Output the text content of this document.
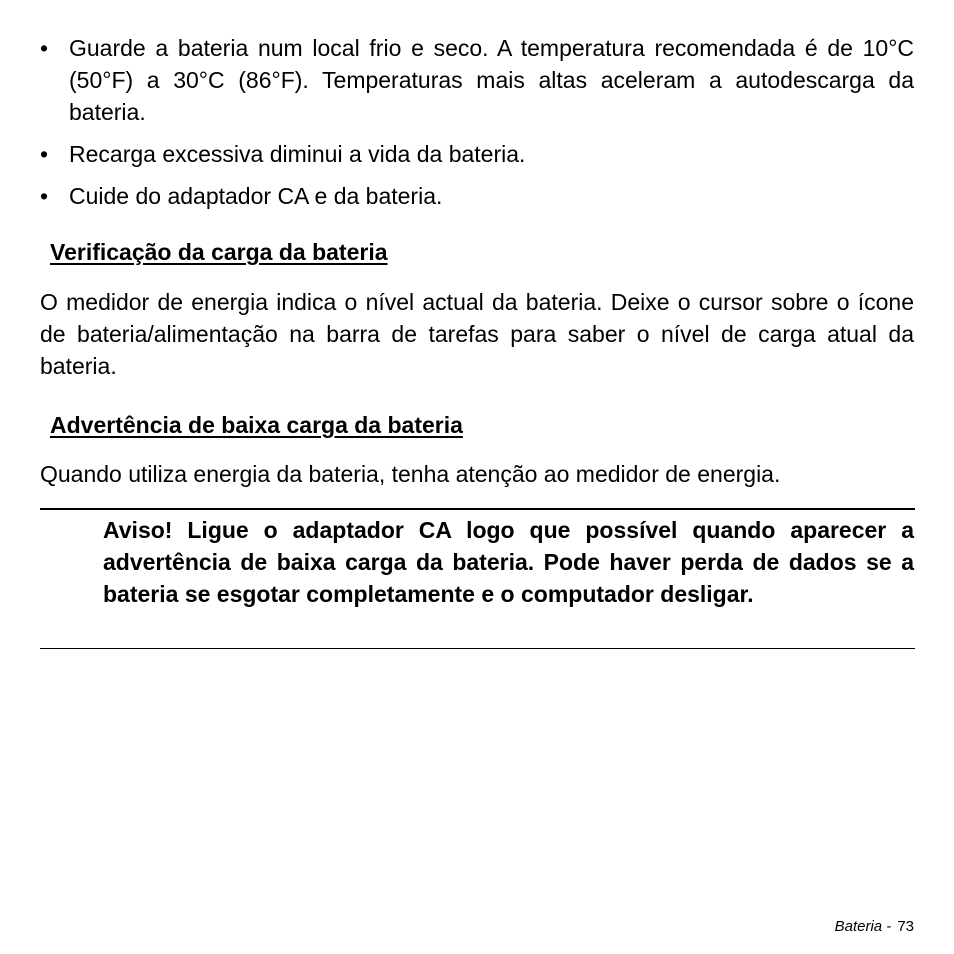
• Guarde a bateria num local frio e seco. A temperatura recomendada é de 10°C (50°F) a 30°C (86°F). Temperaturas mais altas aceleram a autodescarga da bateria.
• Recarga excessiva diminui a vida da bateria.
• Cuide do adaptador CA e da bateria.
Verificação da carga da bateria

O medidor de energia indica o nível actual da bateria. Deixe o cursor sobre o ícone de bateria/alimentação na barra de tarefas para saber o nível de carga atual da bateria.

Advertência de baixa carga da bateria

Quando utiliza energia da bateria, tenha atenção ao medidor de energia.

Aviso! Ligue o adaptador CA logo que possível quando aparecer a advertência de baixa carga da bateria. Pode haver perda de dados se a bateria se esgotar completamente e o computador desligar.

Bateria - 73
